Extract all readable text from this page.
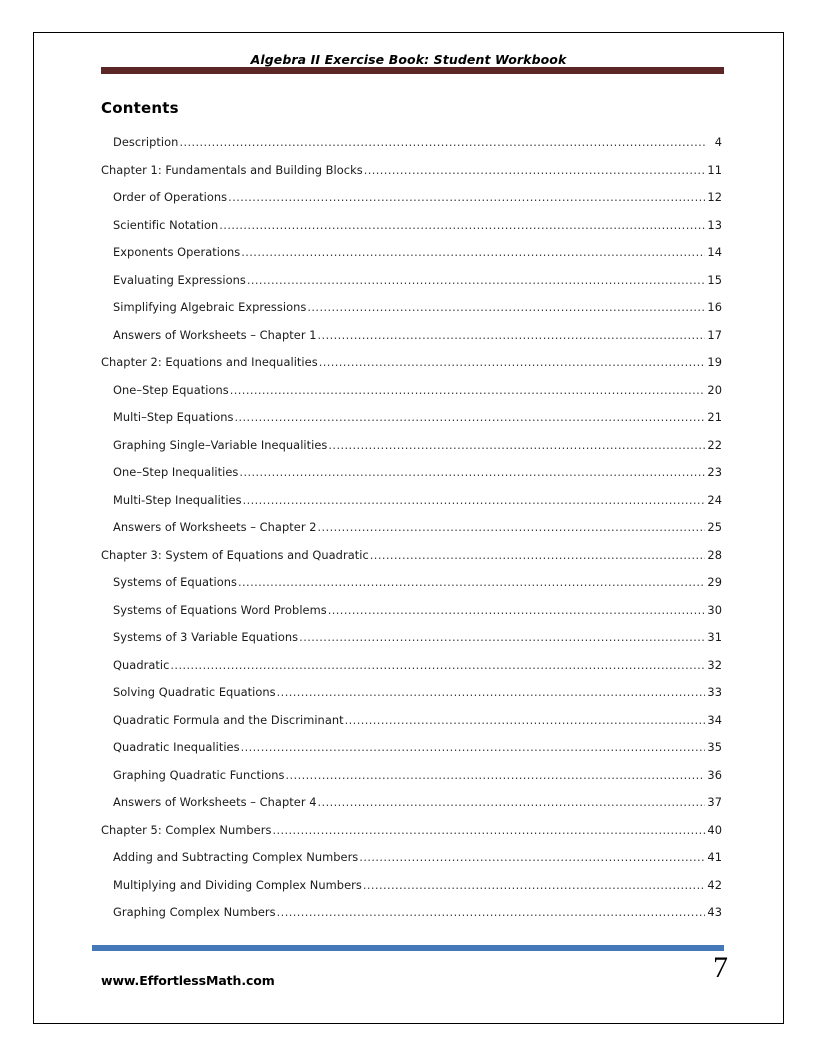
Algebra II Exercise Book: Student Workbook
Contents
Description .....	4
Chapter 1: Fundamentals and Building Blocks .....	11
Order of Operations .....	12
Scientific Notation .....	13
Exponents Operations .....	14
Evaluating Expressions .....	15
Simplifying Algebraic Expressions .....	16
Answers of Worksheets – Chapter 1 .....	17
Chapter 2: Equations and Inequalities .....	19
One–Step Equations .....	20
Multi–Step Equations .....	21
Graphing Single–Variable Inequalities .....	22
One–Step Inequalities .....	23
Multi-Step Inequalities .....	24
Answers of Worksheets – Chapter 2 .....	25
Chapter 3: System of Equations and Quadratic .....	28
Systems of Equations .....	29
Systems of Equations Word Problems .....	30
Systems of 3 Variable Equations .....	31
Quadratic .....	32
Solving Quadratic Equations .....	33
Quadratic Formula and the Discriminant .....	34
Quadratic Inequalities .....	35
Graphing Quadratic Functions .....	36
Answers of Worksheets – Chapter 4 .....	37
Chapter 5: Complex Numbers .....	40
Adding and Subtracting Complex Numbers .....	41
Multiplying and Dividing Complex Numbers .....	42
Graphing Complex Numbers .....	43
www.EffortlessMath.com	7
